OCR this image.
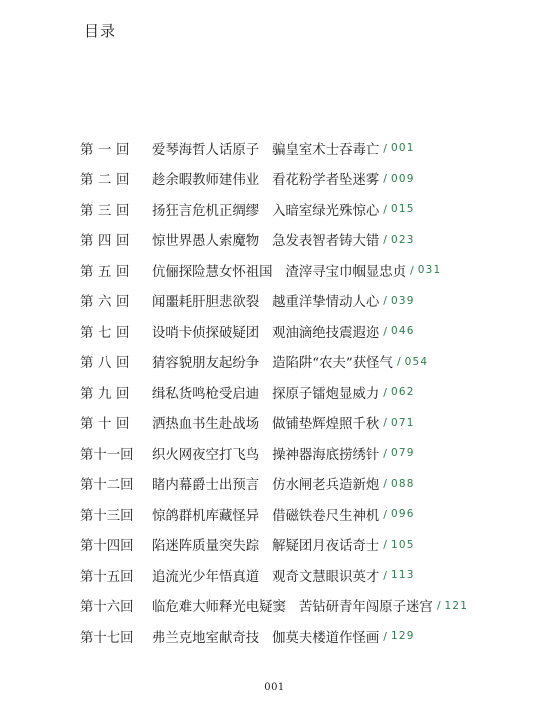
目录
第一回	爱琴海哲人话原子 骗皇室术士吞毒亡 / 001
第二回	趁余暇教师建伟业 看花粉学者坠迷雾 / 009
第三回	扬狂言危机正绸缪 入暗室绿光殊惊心 / 015
第四回	惊世界愚人索魔物 急发表智者铸大错 / 023
第五回	伉俪探险慧女怀祖国 渣滓寻宝巾帼显忠贞 / 031
第六回	闻噩耗肝胆悲欲裂 越重洋挚情动人心 / 039
第七回	设哨卡侦探破疑团 观油滴绝技震遐迩 / 046
第八回	猜容貌朋友起纷争 造陷阱“农夫”获怪气 / 054
第九回	缉私货鸣枪受启迪 探原子镭炮显威力 / 062
第十回	洒热血书生赴战场 做铺垫辉煌照千秋 / 071
第十一回	织火网夜空打飞鸟 操神器海底捞绣针 / 079
第十二回	睹内幕爵士出预言 仿水闸老兵造新炮 / 088
第十三回	惊鸽群机库藏怪异 借磁铁卷尺生神机 / 096
第十四回	陷迷阵质量突失踪 解疑团月夜话奇士 / 105
第十五回	追流光少年悟真道 观奇文慧眼识英才 / 113
第十六回	临危难大师释光电疑窦 苦钻研青年闯原子迷宫 / 121
第十七回	弗兰克地室献奇技 伽莫夫楼道作怪画 / 129
001
